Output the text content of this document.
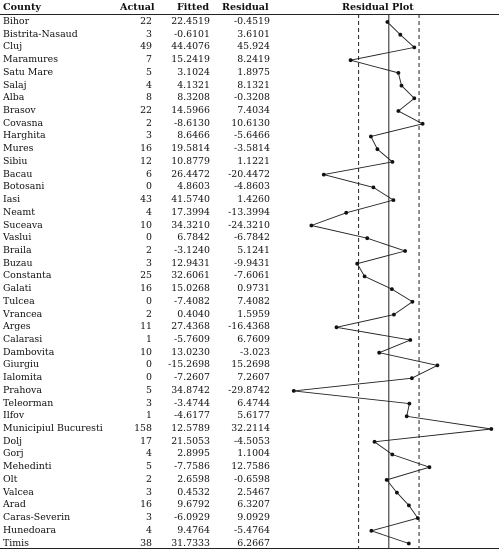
County	Actual Fitted Residual	Residual Plot
Bihor	22	22.4519	-0.4519
Bistrita-Nasaud	3	-0.6101	3.6101
Cluj	49	44.4076	45.924
Maramures	7	15.2419	8.2419
Satu Mare	5	3.1024	1.8975
Salaj	4	4.1321	8.1321
Alba	8	8.3208	-0.3208
Brasov	22	14.5966	7.4034
Covasna	2	-8.6130	10.6130
Harghita	3	8.6466	-5.6466
Mures	16	19.5814	-3.5814
Sibiu	12	10.8779	1.1221
Bacau	6	26.4472	-20.4472
Botosani	0	4.8603	-4.8603
Iasi	43	41.5740	1.4260
Neamt	4	17.3994	-13.3994
Suceava	10	34.3210	-24.3210
Vaslui	0	6.7842	-6.7842
Braila	2	-3.1240	5.1241
Buzau	3	12.9431	-9.9431
Constanta	25	32.6061	-7.6061
Galati	16	15.0268	0.9731
Tulcea	0	-7.4082	7.4082
Vrancea	2	0.4040	1.5959
Arges	11	27.4368	-16.4368
Calarasi	1	-5.7609	6.7609
Dambovita	10	13.0230	-3.023
Giurgiu	0	-15.2698	15.2698
Ialomita	0	-7.2607	7.2607
Prahova	5	34.8742	-29.8742
Teleorman	3	-3.4744	6.4744
Ilfov	1	-4.6177	5.6177
Municipiul Bucuresti	158	12.5789	32.2114
Dolj	17	21.5053	-4.5053
Gorj	4	2.8995	1.1004
Mehedinti	5	-7.7586	12.7586
Olt	2	2.6598	-0.6598
Valcea	3	0.4532	2.5467
Arad	16	9.6792	6.3207
Caras-Severin	3	-6.0929	9.0929
Hunedoara	4	9.4764	-5.4764
Timis	38	31.7333	6.2667
